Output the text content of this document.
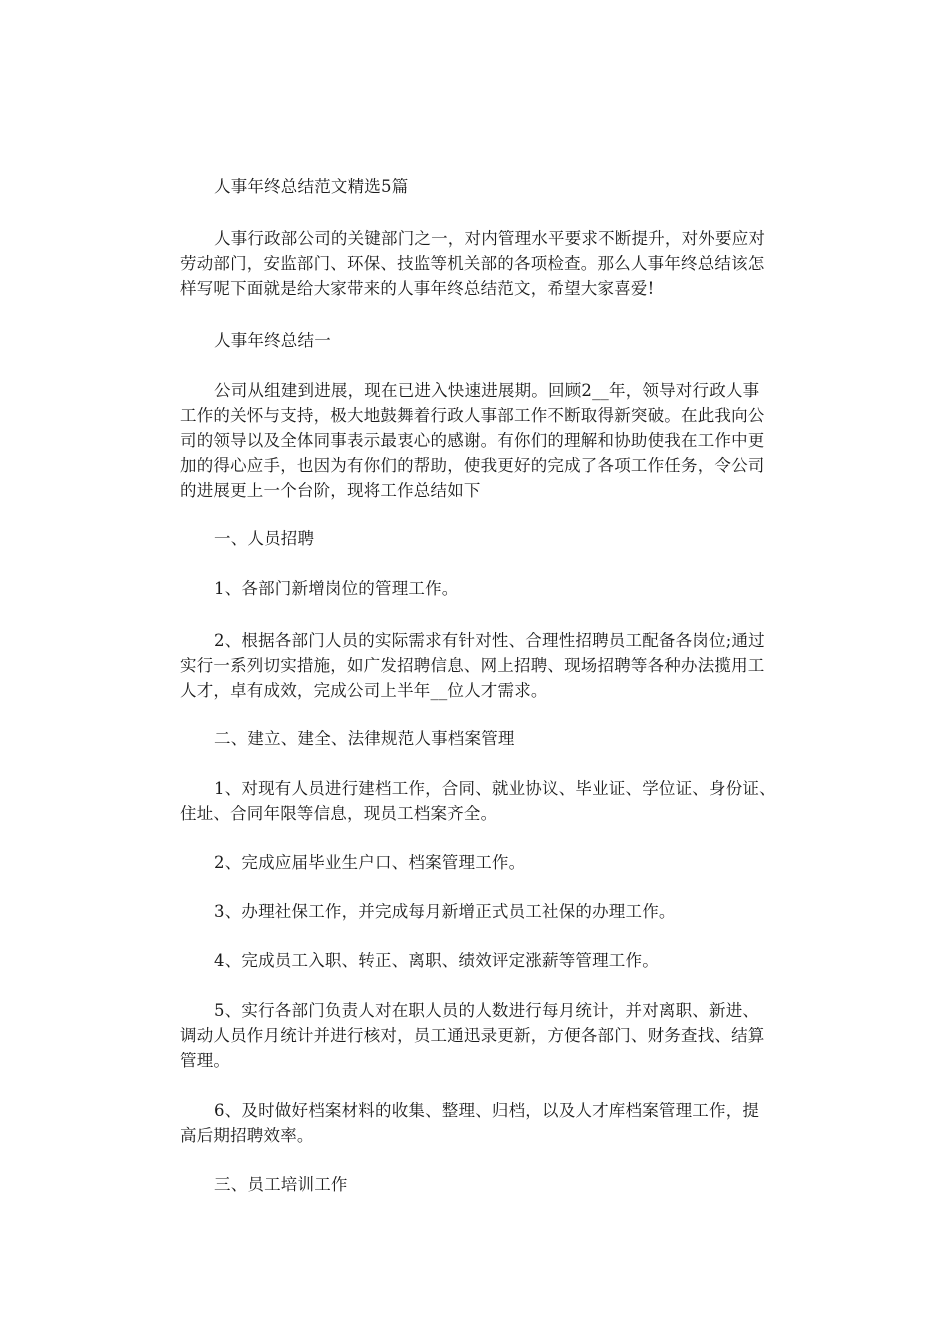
人事年终总结范文精选5篇

人事行政部公司的关键部门之一，对内管理水平要求不断提升，对外要应对

劳动部门，安监部门、环保、技监等机关部的各项检查。那么人事年终总结该怎

样写呢下面就是给大家带来的人事年终总结范文，希望大家喜爱!

人事年终总结一

公司从组建到进展，现在已进入快速进展期。回顾2__年，领导对行政人事

工作的关怀与支持，极大地鼓舞着行政人事部工作不断取得新突破。在此我向公

司的领导以及全体同事表示最衷心的感谢。有你们的理解和协助使我在工作中更

加的得心应手，也因为有你们的帮助，使我更好的完成了各项工作任务，令公司

的进展更上一个台阶，现将工作总结如下

一、人员招聘

1、各部门新增岗位的管理工作。

2、根据各部门人员的实际需求有针对性、合理性招聘员工配备各岗位;通过

实行一系列切实措施，如广发招聘信息、网上招聘、现场招聘等各种办法揽用工

人才，卓有成效，完成公司上半年__位人才需求。

二、建立、建全、法律规范人事档案管理

1、对现有人员进行建档工作，合同、就业协议、毕业证、学位证、身份证、

住址、合同年限等信息，现员工档案齐全。

2、完成应届毕业生户口、档案管理工作。

3、办理社保工作，并完成每月新增正式员工社保的办理工作。

4、完成员工入职、转正、离职、绩效评定涨薪等管理工作。

5、实行各部门负责人对在职人员的人数进行每月统计，并对离职、新进、

调动人员作月统计并进行核对，员工通迅录更新，方便各部门、财务查找、结算

管理。

6、及时做好档案材料的收集、整理、归档，以及人才库档案管理工作，提

高后期招聘效率。

三、员工培训工作
